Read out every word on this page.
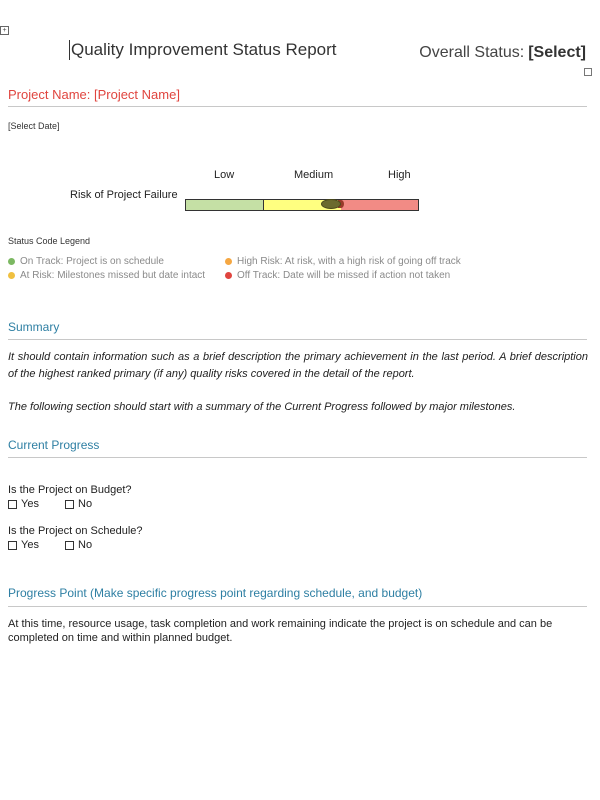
+
Quality Improvement Status Report	Overall Status: [Select]
Project Name: [Project Name]
[Select Date]
Low	Medium	High
Risk of Project Failure
Status Code Legend
On Track: Project is on schedule	High Risk: At risk, with a high risk of going off track
At Risk: Milestones missed but date intact	Off Track: Date will be missed if action not taken
Summary
It should contain information such as a brief description the primary achievement in the last period. A brief description of the highest ranked primary (if any) quality risks covered in the detail of the report.
The following section should start with a summary of the Current Progress followed by major milestones.
Current Progress
Is the Project on Budget?
Yes	No
Is the Project on Schedule?
Yes	No
Progress Point (Make specific progress point regarding schedule, and budget)
At this time, resource usage, task completion and work remaining indicate the project is on schedule and can be completed on time and within planned budget.
